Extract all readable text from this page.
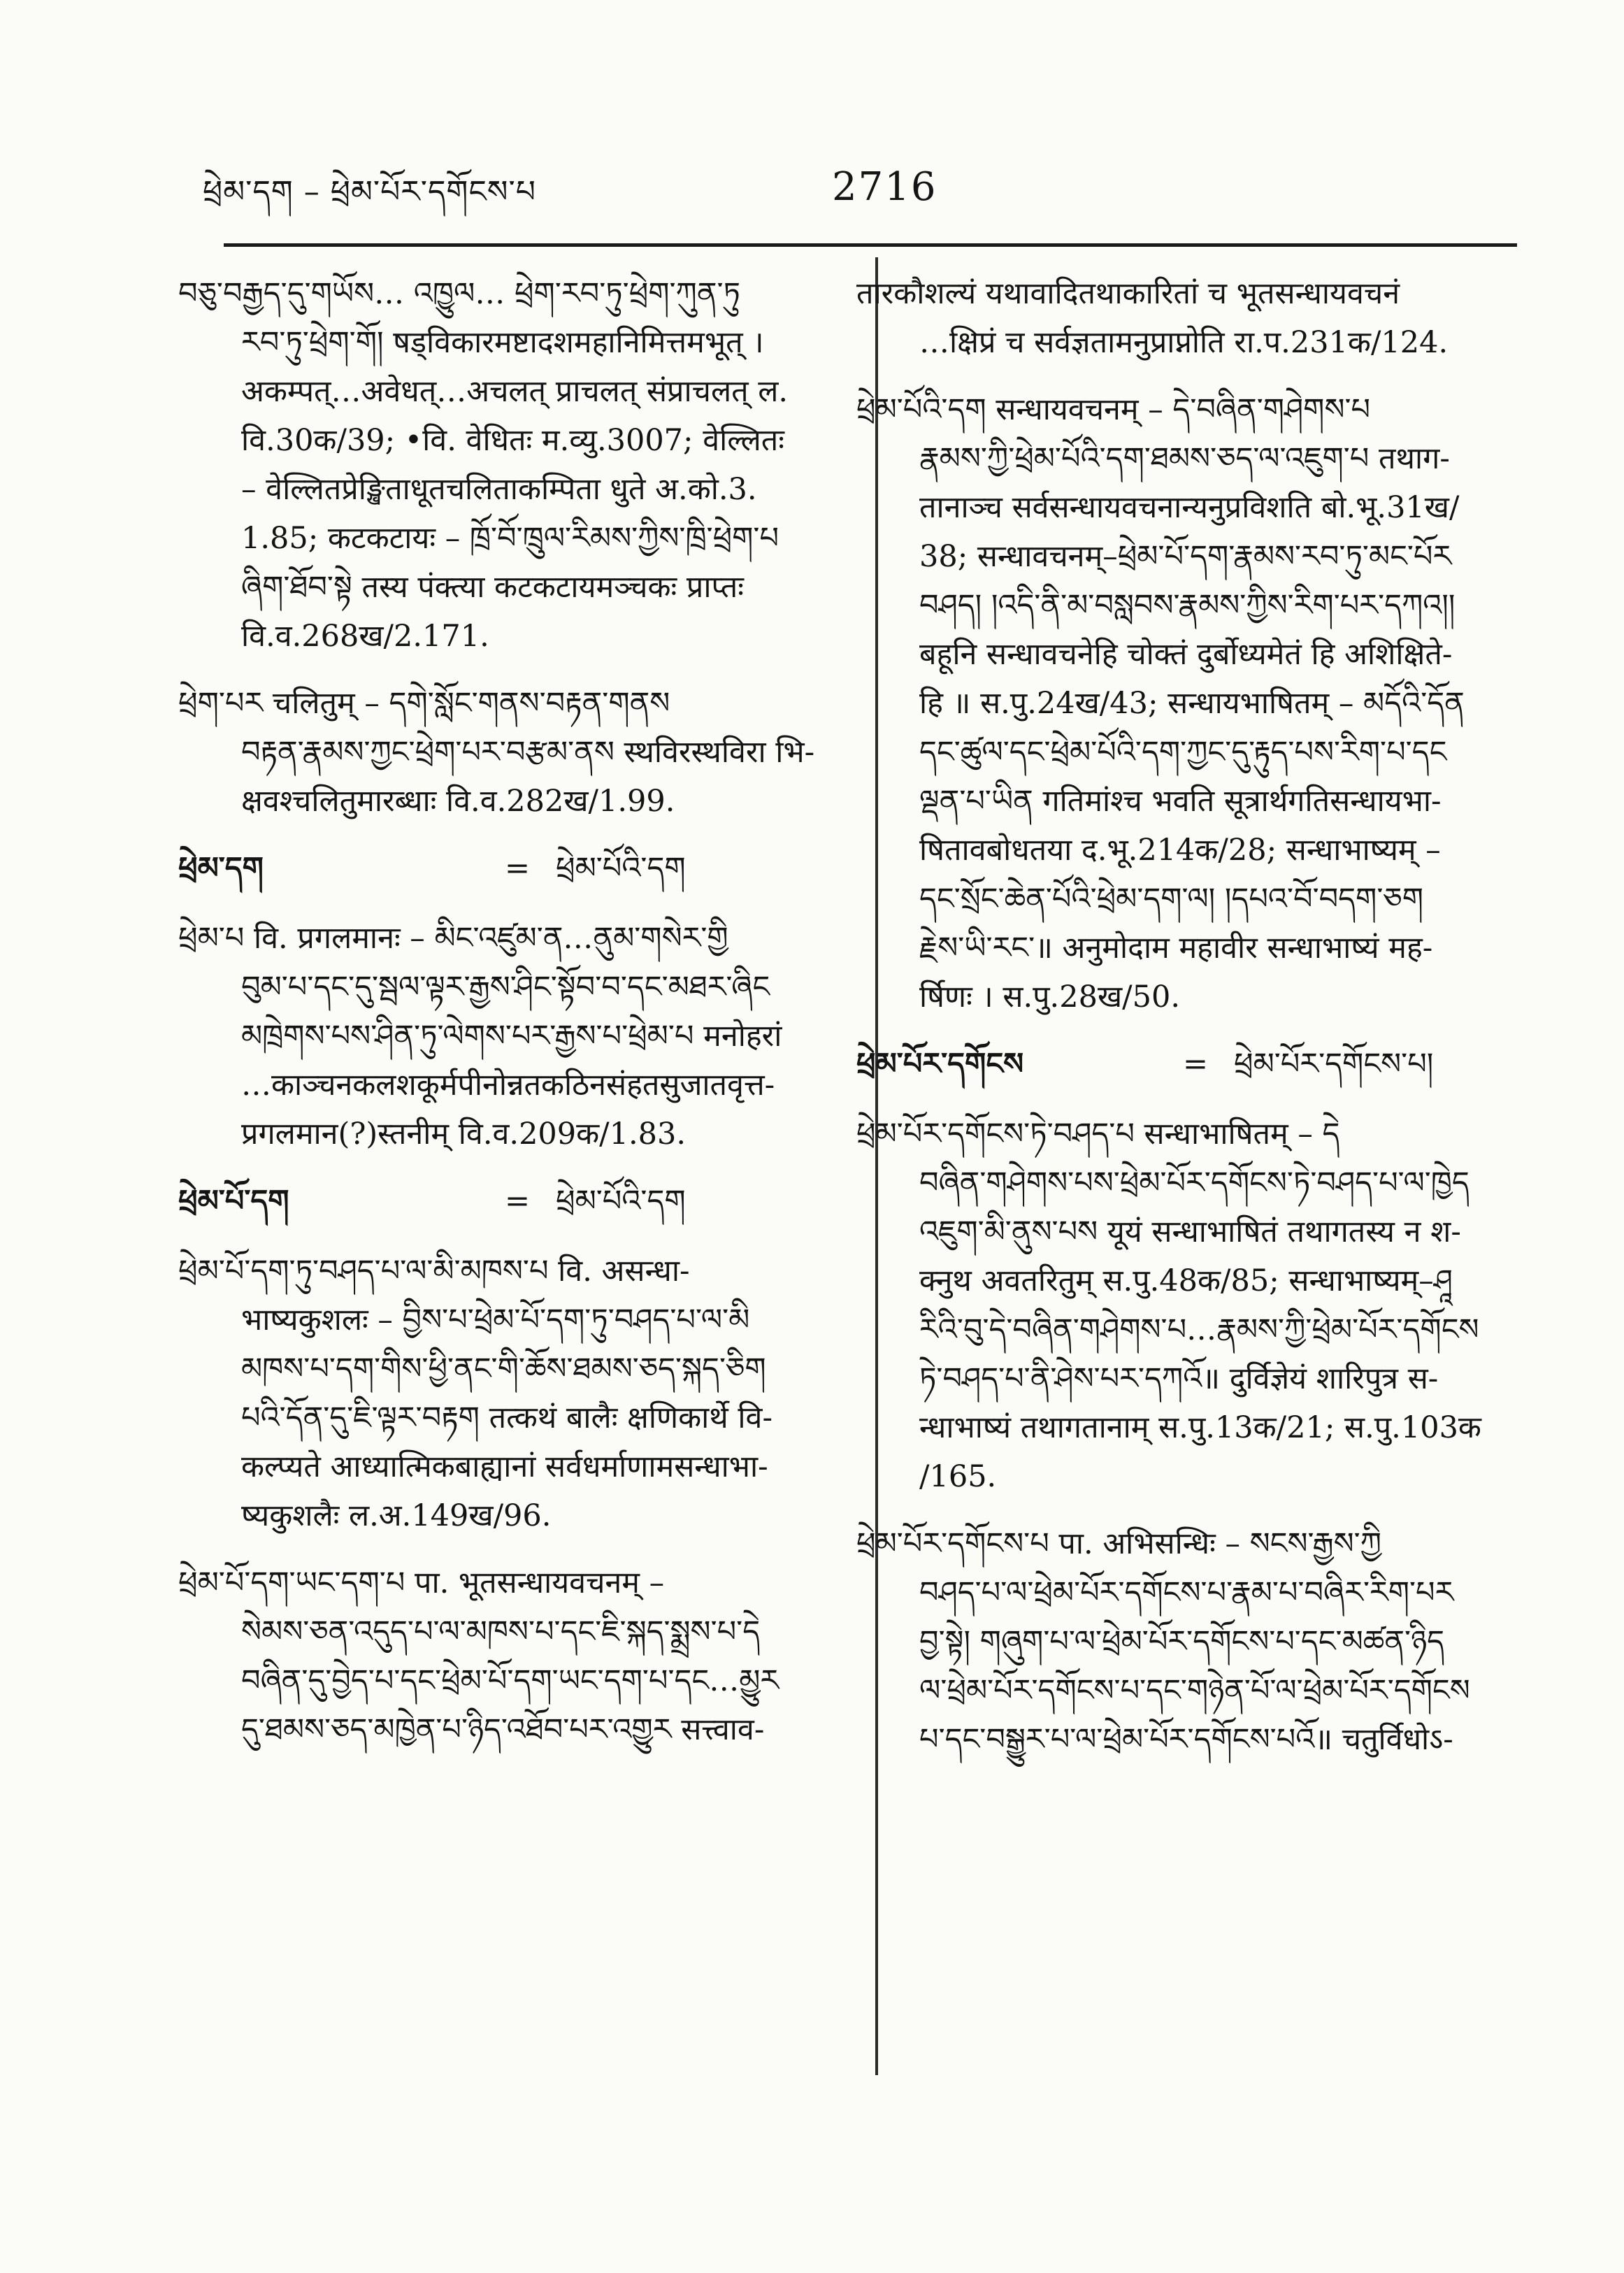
ཕྲེམ་དག – ཕྲེམ་པོར་དགོངས་པ	2716

བཅུ་བརྒྱད་དུ་གཡོས… འཁྱུལ… ཕྲེག་རབ་ཏུ་ཕྲེག་ཀུན་ཏུ

རབ་ཏུ་ཕྲེག་གོ། षड्विकारमष्टादशमहानिमित्तमभूत् ।

अकम्पत्…अवेधत्…अचलत् प्राचलत् संप्राचलत् ल.

वि.30क/39; •वि. वेधितः म.व्यु.3007; वेल्लितः

– वेल्लितप्रेङ्खिताधूतचलिताकम्पिता धुते अ.को.3.

1.85; कटकटायः – ཁྲོ་བོ་ཁྲུལ་རིམས་ཀྱིས་ཁྲི་ཕྲེག་པ

ཞིག་ཐོབ་སྟེ तस्य पंक्त्या कटकटायमञ्चकः प्राप्तः

वि.व.268ख/2.171.

ཕྲེག་པར चलितुम् – དགེ་སློང་གནས་བརྟན་གནས

བརྟན་རྣམས་ཀྱང་ཕྲེག་པར་བརྩམ་ནས स्थविरस्थविरा भि-

क्षवश्चलितुमारब्धाः वि.व.282ख/1.99.

ཕྲེམ་དག	= ཕྲེམ་པོའི་དག

ཕྲེམ་པ वि. प्रगलमानः – མིང་འཛུམ་ན…ནུམ་གསེར་གྱི

བུམ་པ་དང་དུ་སྦལ་ལྟར་རྒྱས་ཤིང་སྟོབ་བ་དང་མཐར་ཞིང

མཁྲེགས་པས་ཤིན་ཏུ་ལེགས་པར་རྒྱས་པ་ཕྲེམ་པ मनोहरां

…काञ्चनकलशकूर्मपीनोन्नतकठिनसंहतसुजातवृत्त-

प्रगलमान(?)स्तनीम् वि.व.209क/1.83.

ཕྲེམ་པོ་དག	= ཕྲེམ་པོའི་དག

ཕྲེམ་པོ་དག་ཏུ་བཤད་པ་ལ་མི་མཁས་པ वि. असन्धा-

भाष्यकुशलः – བྱིས་པ་ཕྲེམ་པོ་དག་ཏུ་བཤད་པ་ལ་མི

མཁས་པ་དག་གིས་ཕྱི་ནང་གི་ཆོས་ཐམས་ཅད་སྐད་ཅིག

པའི་དོན་དུ་ཇི་ལྟར་བརྟག तत्कथं बालैः क्षणिकार्थे वि-

कल्प्यते आध्यात्मिकबाह्यानां सर्वधर्माणामसन्धाभा-

ष्यकुशलैः ल.अ.149ख/96.

ཕྲེམ་པོ་དག་ཡང་དག་པ पा. भूतसन्धायवचनम् –

སེམས་ཅན་འདུད་པ་ལ་མཁས་པ་དང་ཇི་སྐད་སྨྲས་པ་དེ

བཞིན་དུ་བྱེད་པ་དང་ཕྲེམ་པོ་དག་ཡང་དག་པ་དང…མྱུར

དུ་ཐམས་ཅད་མཁྱེན་པ་ཉིད་འཐོབ་པར་འགྱུར सत्त्वाव-

तारकौशल्यं यथावादितथाकारितां च भूतसन्धायवचनं

…क्षिप्रं च सर्वज्ञतामनुप्राप्नोति रा.प.231क/124.

ཕྲེམ་པོའི་དག सन्धायवचनम् – དེ་བཞིན་གཤེགས་པ

རྣམས་ཀྱི་ཕྲེམ་པོའི་དག་ཐམས་ཅད་ལ་འཇུག་པ तथाग-

तानाञ्च सर्वसन्धायवचनान्यनुप्रविशति बो.भू.31ख/

38; सन्धावचनम्–ཕྲེམ་པོ་དག་རྣམས་རབ་ཏུ་མང་པོར

བཤད། །འདི་ནི་མ་བསླབས་རྣམས་ཀྱིས་རིག་པར་དཀའ།།

बहूनि सन्धावचनेहि चोक्तं दुर्बोध्यमेतं हि अशिक्षिते-

हि ॥ स.पु.24ख/43; सन्धायभाषितम् – མདོའི་དོན

དང་ཚུལ་དང་ཕྲེམ་པོའི་དག་ཀྱང་དུ་རྟུད་པས་རིག་པ་དང

ལྡན་པ་ཡིན गतिमांश्च भवति सूत्रार्थगतिसन्धायभा-

षितावबोधतया द.भू.214क/28; सन्धाभाष्यम् –

དང་སྲོང་ཆེན་པོའི་ཕྲེམ་དག་ལ། །དཔའ་བོ་བདག་ཅག

རྗེས་ཡི་རང་॥ अनुमोदाम महावीर सन्धाभाष्यं मह-

र्षिणः । स.पु.28ख/50.

ཕྲེམ་པོར་དགོངས	= ཕྲེམ་པོར་དགོངས་པ།

ཕྲེམ་པོར་དགོངས་ཏེ་བཤད་པ सन्धाभाषितम् – དེ

བཞིན་གཤེགས་པས་ཕྲེམ་པོར་དགོངས་ཏེ་བཤད་པ་ལ་ཁྱེད

འཇུག་མི་ནུས་པས यूयं सन्धाभाषितं तथागतस्य न श-

क्नुथ अवतरितुम् स.पु.48क/85; सन्धाभाष्यम्–ཤཱ

རིའི་བུ་དེ་བཞིན་གཤེགས་པ…རྣམས་ཀྱི་ཕྲེམ་པོར་དགོངས

ཏེ་བཤད་པ་ནི་ཤེས་པར་དཀའོ॥ दुर्विज्ञेयं शारिपुत्र स-

न्धाभाष्यं तथागतानाम् स.पु.13क/21; स.पु.103क

/165.

ཕྲེམ་པོར་དགོངས་པ पा. अभिसन्धिः – སངས་རྒྱས་ཀྱི

བཤད་པ་ལ་ཕྲེམ་པོར་དགོངས་པ་རྣམ་པ་བཞིར་རིག་པར

བྱ་སྟེ། གཞུག་པ་ལ་ཕྲེམ་པོར་དགོངས་པ་དང་མཚན་ཉིད

ལ་ཕྲེམ་པོར་དགོངས་པ་དང་གཉེན་པོ་ལ་ཕྲེམ་པོར་དགོངས

པ་དང་བསྒྱུར་པ་ལ་ཕྲེམ་པོར་དགོངས་པའོ॥ चतुर्विधोऽ-
